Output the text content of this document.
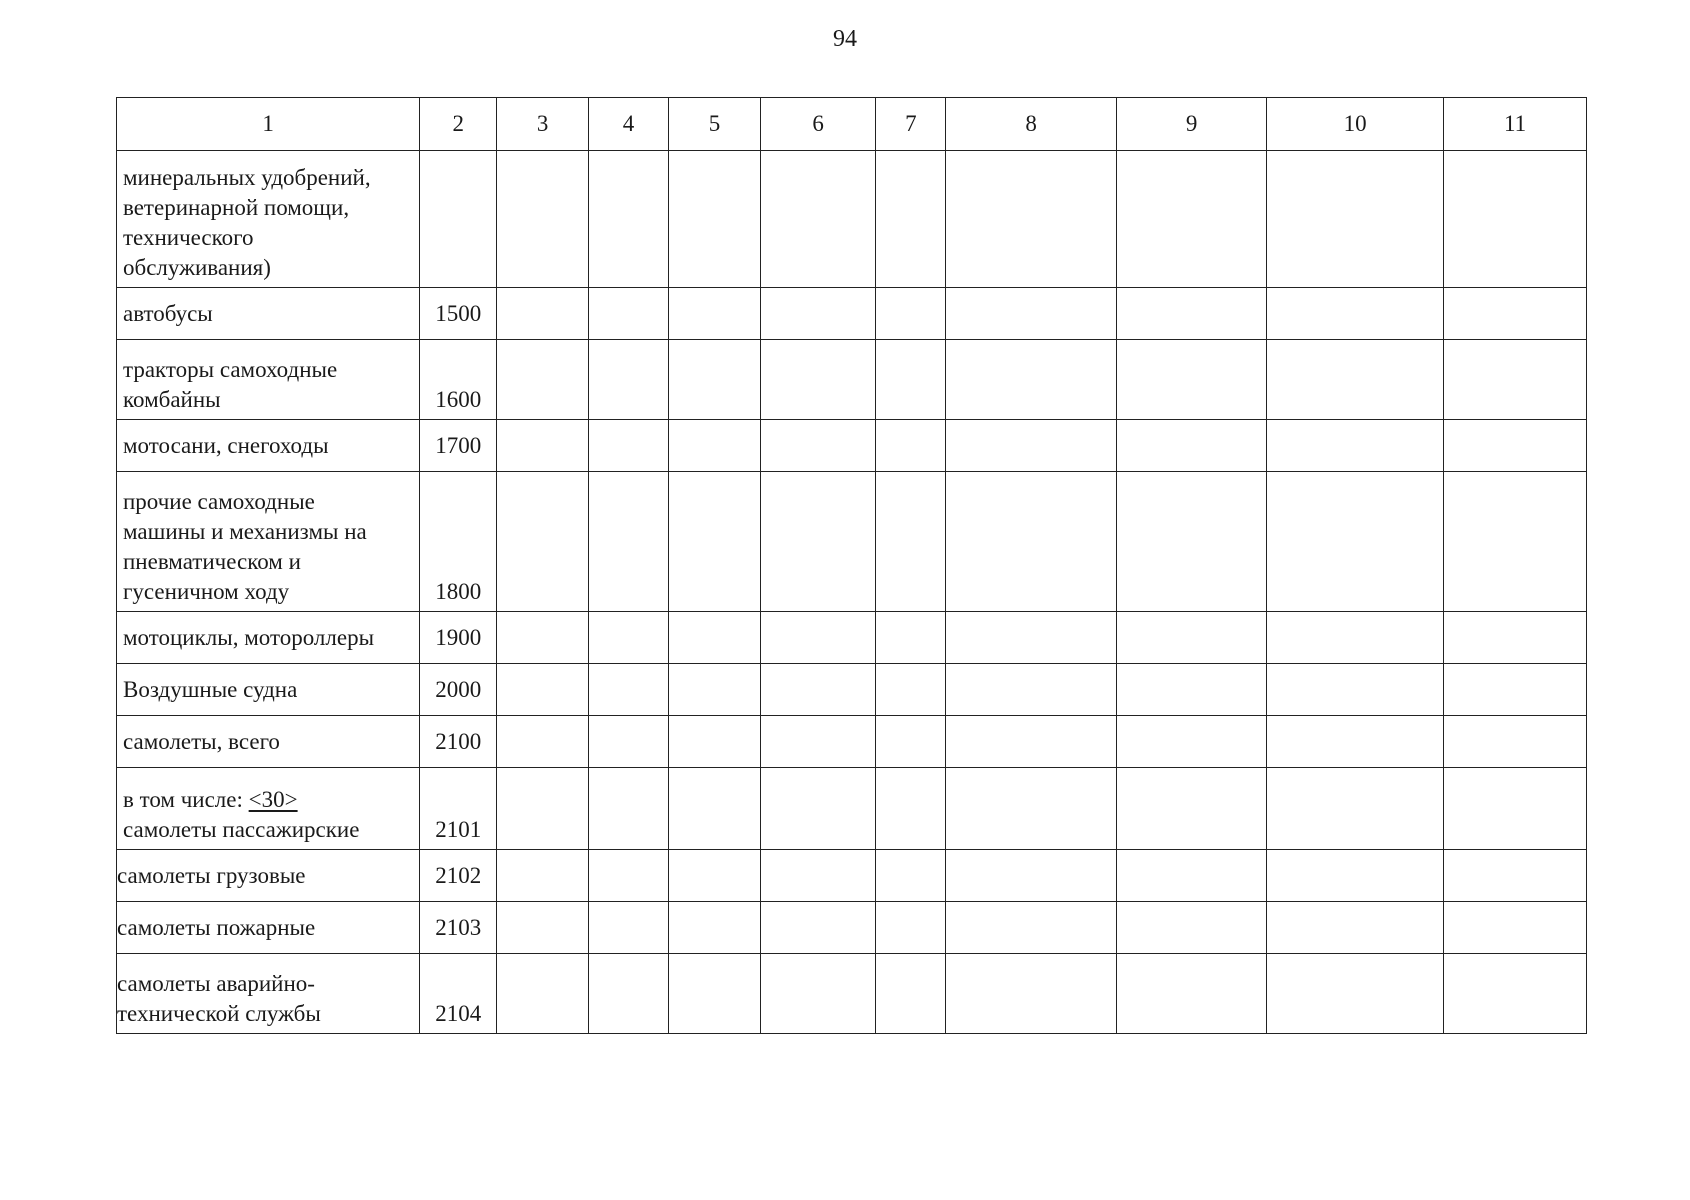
94
1	2	3	4	5	6	7	8	9	10	11

минеральных удобрений,
ветеринарной помощи,
технического
обслуживания)										

автобусы	1500									

тракторы самоходные
комбайны	1600									
мотосани, снегоходы	1700									

прочие самоходные
машины и механизмы на
пневматическом и
гусеничном ходу	1800									
мотоциклы, мотороллеры	1900									
Воздушные судна	2000									
самолеты, всего	2100									

в том числе: <30>
самолеты пассажирские	2101									
самолеты грузовые	2102									
самолеты пожарные	2103									

самолеты аварийно-
технической службы	2104									
